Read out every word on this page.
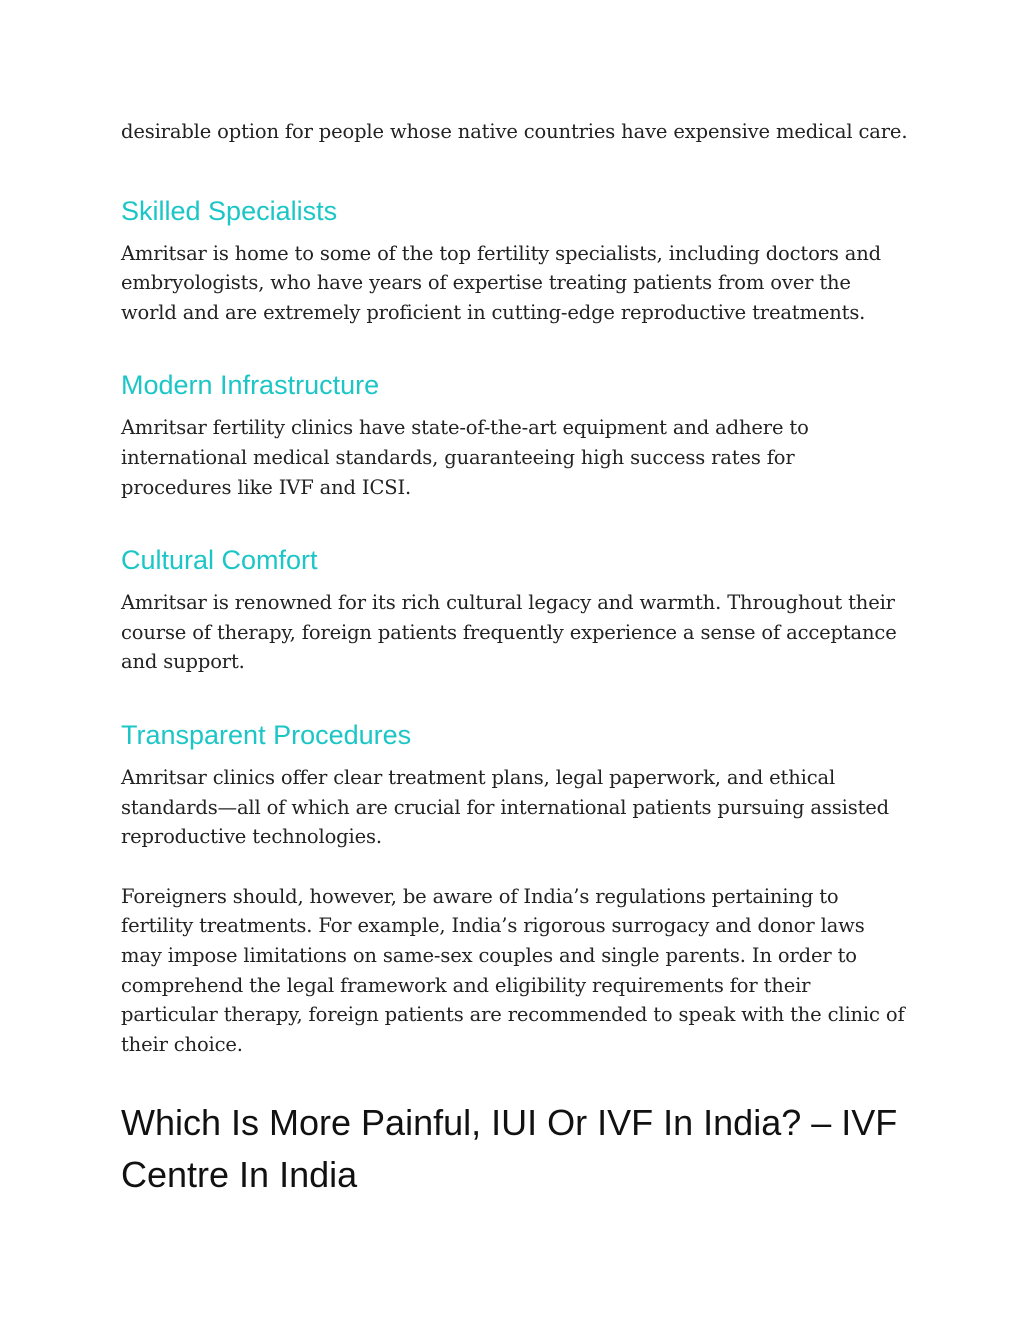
desirable option for people whose native countries have expensive medical care.

Skilled Specialists

Amritsar is home to some of the top fertility specialists, including doctors and embryologists, who have years of expertise treating patients from over the world and are extremely proficient in cutting-edge reproductive treatments.

Modern Infrastructure

Amritsar fertility clinics have state-of-the-art equipment and adhere to international medical standards, guaranteeing high success rates for procedures like IVF and ICSI.

Cultural Comfort

Amritsar is renowned for its rich cultural legacy and warmth. Throughout their course of therapy, foreign patients frequently experience a sense of acceptance and support.

Transparent Procedures

Amritsar clinics offer clear treatment plans, legal paperwork, and ethical standards—all of which are crucial for international patients pursuing assisted reproductive technologies.

Foreigners should, however, be aware of India’s regulations pertaining to fertility treatments. For example, India’s rigorous surrogacy and donor laws may impose limitations on same-sex couples and single parents. In order to comprehend the legal framework and eligibility requirements for their particular therapy, foreign patients are recommended to speak with the clinic of their choice.

Which Is More Painful, IUI Or IVF In India? – IVF Centre In India
